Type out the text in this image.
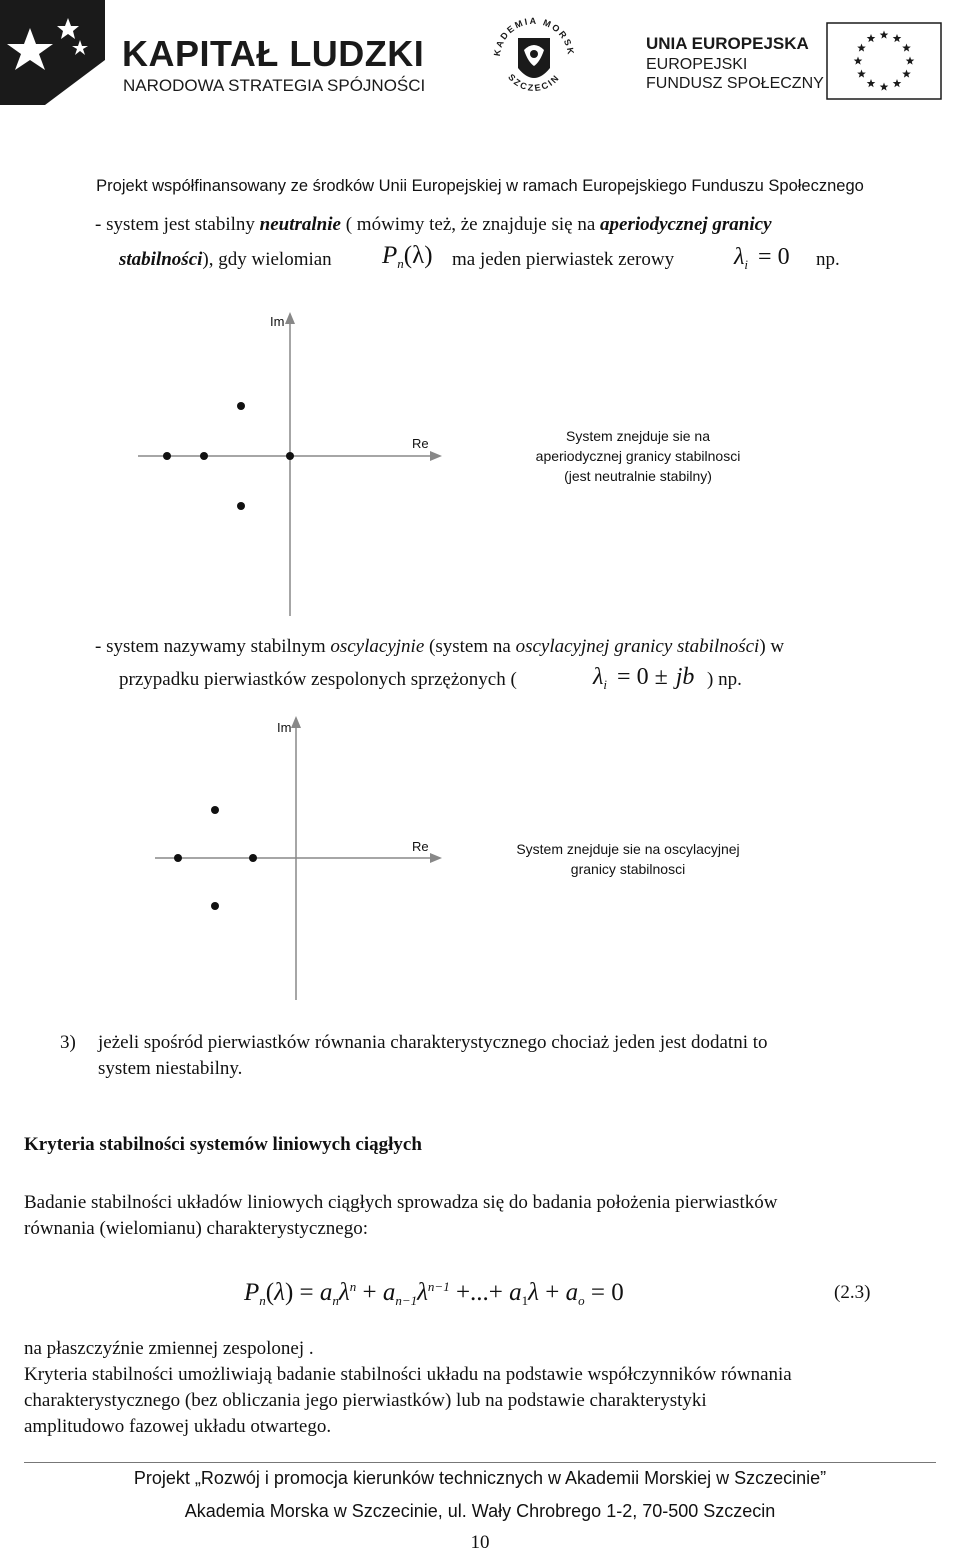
KAPITAŁ LUDZKI
NARODOWA STRATEGIA SPÓJNOŚCI
KADEMIA MORSK
SZCZECIN
UNIA EUROPEJSKA
EUROPEJSKI
FUNDUSZ SPOŁECZNY
Projekt współfinansowany ze środków Unii Europejskiej w ramach Europejskiego Funduszu Społecznego
- system jest stabilny neutralnie ( mówimy też, że znajduje się na aperiodycznej granicy
stabilności), gdy wielomian $P_n(\lambda)$ ma jeden pierwiastek zerowy $\lambda_i = 0$ np.
Im
Re	System znejduje sie na
aperiodycznej granicy stabilnosci
(jest neutralnie stabilny)
- system nazywamy stabilnym oscylacyjnie (system na oscylacyjnej granicy stabilności) w
przypadku pierwiastków zespolonych sprzężonych (	$\lambda_i = 0$ ± jb ) np.
Im
Re	System znejduje sie na oscylacyjnej
granicy stabilnosci
3) jeżeli spośród pierwiastków równania charakterystycznego chociaż jeden jest dodatni to
system niestabilny.
Kryteria stabilności systemów liniowych ciągłych
Badanie stabilności układów liniowych ciągłych sprowadza się do badania położenia pierwiastków
równania (wielomianu) charakterystycznego:
$P_n(\lambda) = a_n\lambda^n + a_{n-1}\lambda^{n-1}$ +...+ $a_1\lambda + a_o = 0$	(2.3)
na płaszczyźnie zmiennej zespolonej .
Kryteria stabilności umożliwiają badanie stabilności układu na podstawie współczynników równania
charakterystycznego (bez obliczania jego pierwiastków) lub na podstawie charakterystyki
amplitudowo fazowej układu otwartego.
Projekt „Rozwój i promocja kierunków technicznych w Akademii Morskiej w Szczecinie”
Akademia Morska w Szczecinie, ul. Wały Chrobrego 1-2, 70-500 Szczecin
10
